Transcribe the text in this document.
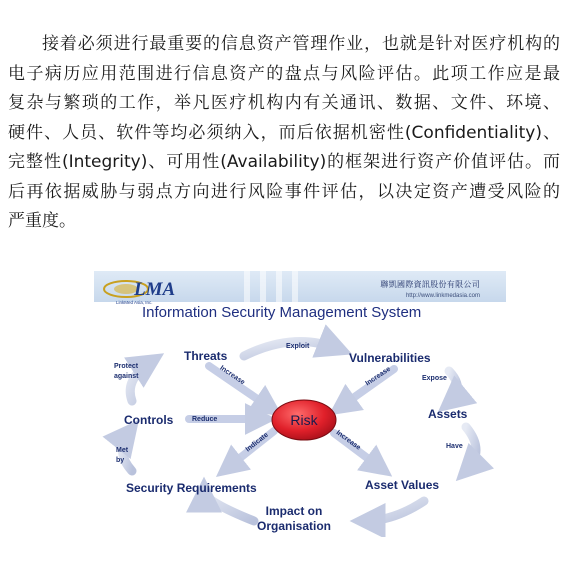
接着必须进行最重要的信息资产管理作业，也就是针对医疗机构的
电子病历应用范围进行信息资产的盘点与风险评估。此项工作应是最
复杂与繁琐的工作，举凡医疗机构内有关通讯、数据、文件、环境、
硬件、人员、软件等均必须纳入，而后依据机密性(Confidentiality)、
完整性(Integrity)、可用性(Availability)的框架进行资产价值评估。而
后再依据威胁与弱点方向进行风险事件评估，以决定资产遭受风险的
严重度。
LMA
LinkMed Asia, Inc.
Information Security Management System
Risk
Threats	Vulnerabilities
Assets
Asset Values
Impact on
Organisation
Security Requirements
Controls
Exploit
Expose
Have
Protect
against
Met
by
Reduce
Increase	Increase
Increase
Indicate
聯凱國際資訊股份有限公司
http://www.linkmedasia.com
